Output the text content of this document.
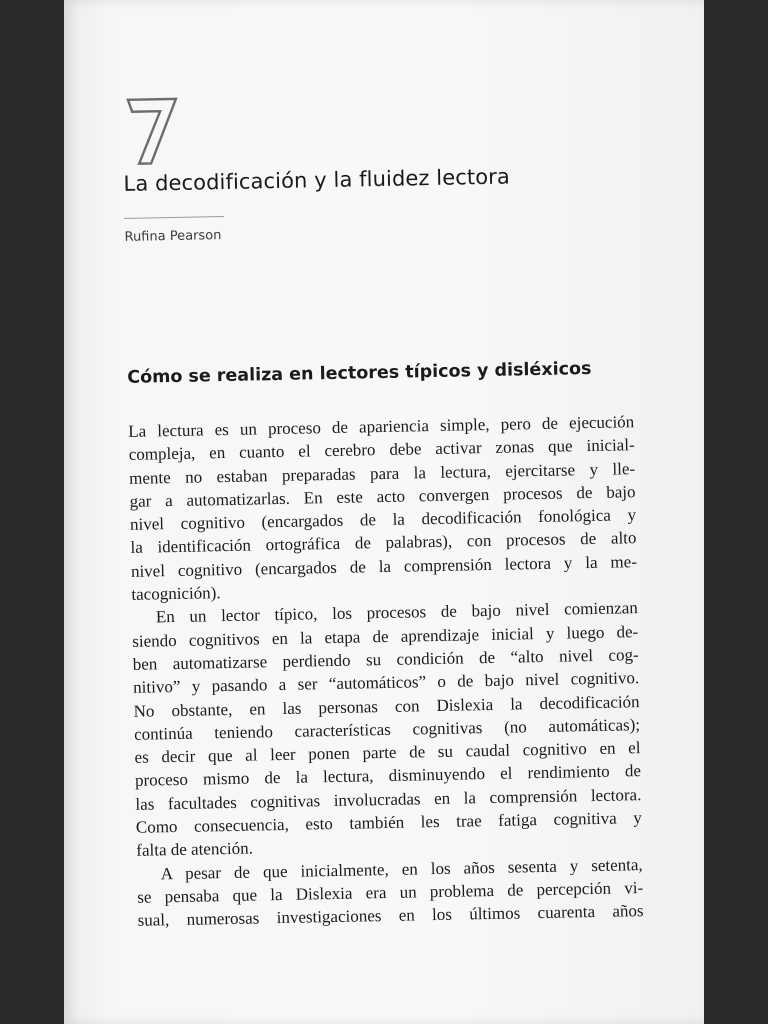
La decodificación y la fluidez lectora
Rufina Pearson
Cómo se realiza en lectores típicos y disléxicos
La lectura es un proceso de apariencia simple, pero de ejecución
compleja, en cuanto el cerebro debe activar zonas que inicial-
mente no estaban preparadas para la lectura, ejercitarse y lle-
gar a automatizarlas. En este acto convergen procesos de bajo
nivel cognitivo (encargados de la decodificación fonológica y
la identificación ortográfica de palabras), con procesos de alto
nivel cognitivo (encargados de la comprensión lectora y la me-
tacognición).
En un lector típico, los procesos de bajo nivel comienzan
siendo cognitivos en la etapa de aprendizaje inicial y luego de-
ben automatizarse perdiendo su condición de “alto nivel cog-
nitivo” y pasando a ser “automáticos” o de bajo nivel cognitivo.
No obstante, en las personas con Dislexia la decodificación
continúa teniendo características cognitivas (no automáticas);
es decir que al leer ponen parte de su caudal cognitivo en el
proceso mismo de la lectura, disminuyendo el rendimiento de
las facultades cognitivas involucradas en la comprensión lectora.
Como consecuencia, esto también les trae fatiga cognitiva y
falta de atención.
A pesar de que inicialmente, en los años sesenta y setenta,
se pensaba que la Dislexia era un problema de percepción vi-
sual, numerosas investigaciones en los últimos cuarenta años
